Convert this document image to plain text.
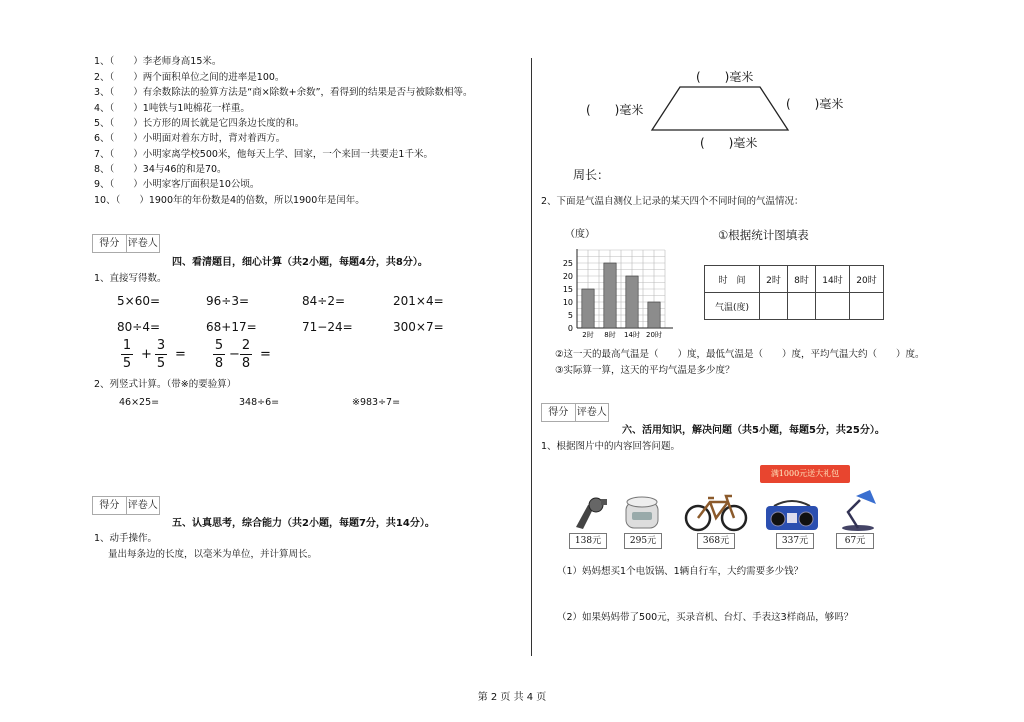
1、（　　）李老师身高15米。
2、（　　）两个面积单位之间的进率是100。
3、（　　）有余数除法的验算方法是“商×除数+余数”，看得到的结果是否与被除数相等。
4、（　　）1吨铁与1吨棉花一样重。
5、（　　）长方形的周长就是它四条边长度的和。
6、（　　）小明面对着东方时，背对着西方。
7、（　　）小明家离学校500米，他每天上学、回家，一个来回一共要走1千米。
8、（　　）34与46的和是70。
9、（　　）小明家客厅面积是10公顷。
10、（　　）1900年的年份数是4的倍数，所以1900年是闰年。
得分 评卷人
四、看清题目，细心计算（共2小题，每题4分，共8分）。
1、直接写得数。
5×60=	96÷3=	84÷2=	201×4=
80÷4=	68+17=	71−24=	300×7=
1
5
+
3
5
=
5
8
−
2
8
=
2、列竖式计算。（带※的要验算）
46×25=	348÷6=	※983÷7=
得分 评卷人
五、认真思考，综合能力（共2小题，每题7分，共14分）。
1、动手操作。
量出每条边的长度，以毫米为单位，并计算周长。
(　　)毫米
(　　)毫米	(　　)毫米
(　　)毫米
周长：
2、下面是气温自测仪上记录的某天四个不同时间的气温情况：
①根据统计图填表
（度）
0
5
10
15
20
25
2时 8时 14时 20时
时　间	2时	8时	14时	20时
气温(度)				
②这一天的最高气温是（　　）度，最低气温是（　　）度，平均气温大约（　　）度。
③实际算一算，这天的平均气温是多少度？
得分 评卷人
六、活用知识，解决问题（共5小题，每题5分，共25分）。
1、根据图片中的内容回答问题。
满1000元送大礼包
138元	295元	368元	337元	67元
（1）妈妈想买1个电饭锅、1辆自行车，大约需要多少钱？
（2）如果妈妈带了500元，买录音机、台灯、手表这3样商品，够吗？
第 2 页 共 4 页
